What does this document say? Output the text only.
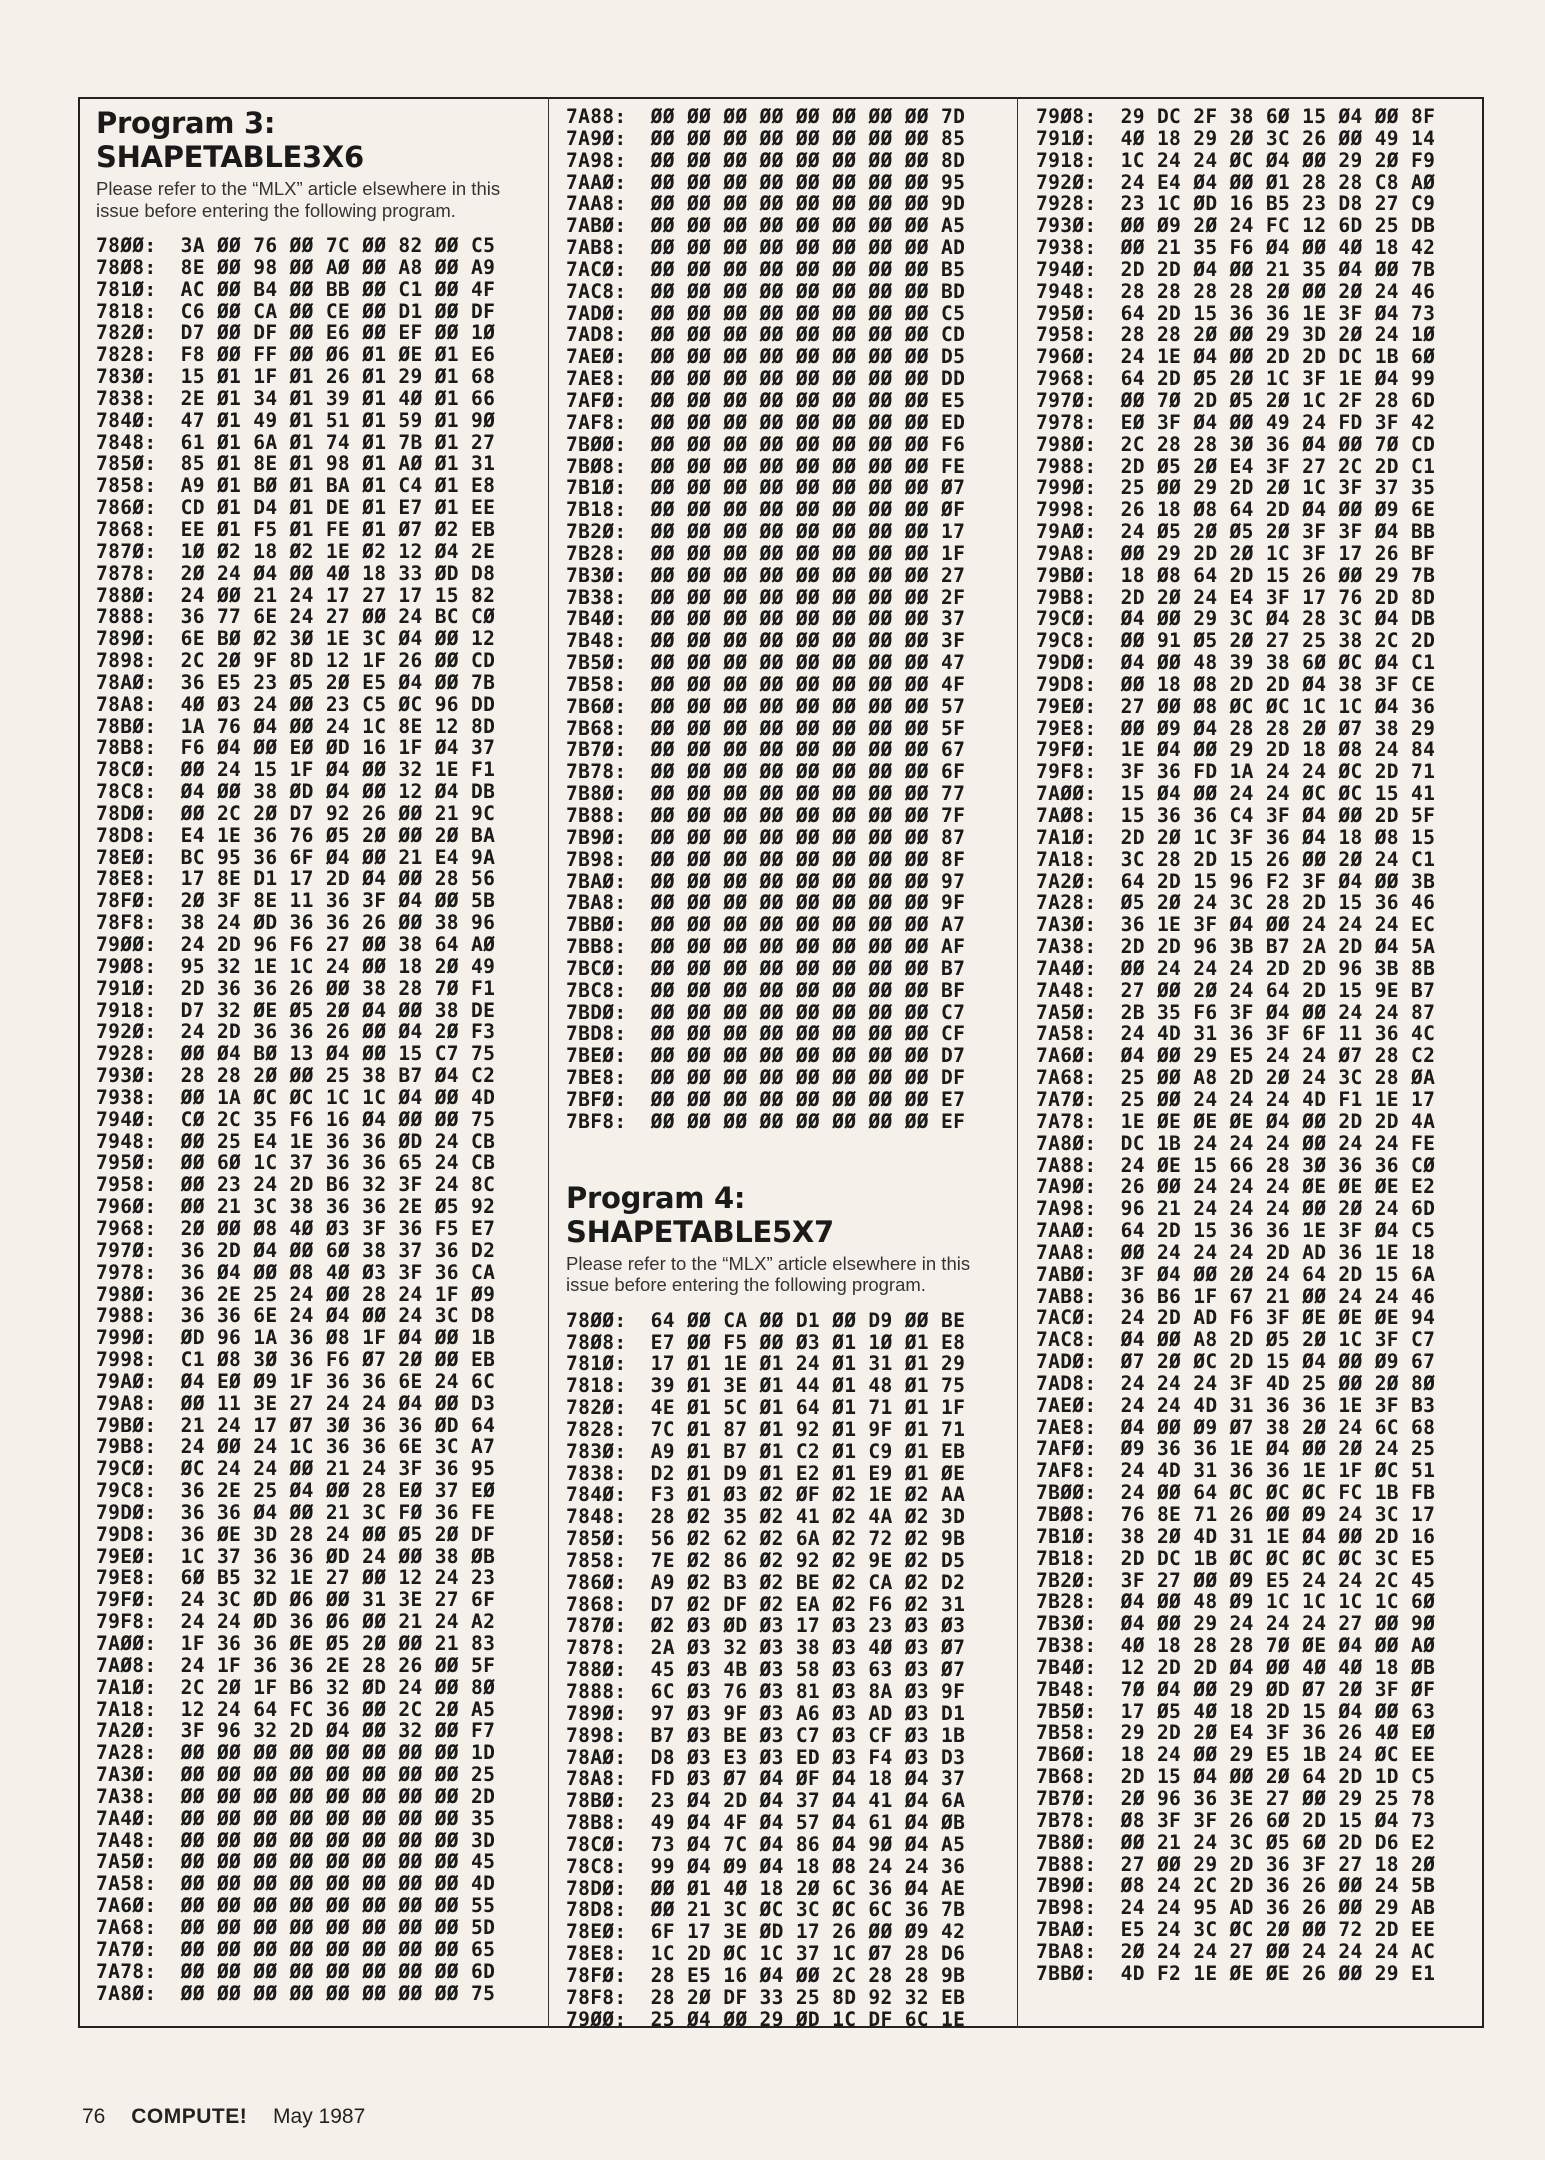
Program 3: SHAPETABLE3X6
Please refer to the “MLX” article elsewhere in this issue before entering the following program.
78ØØ:  3A ØØ 76 ØØ 7C ØØ 82 ØØ C5
78Ø8:  8E ØØ 98 ØØ AØ ØØ A8 ØØ A9
781Ø:  AC ØØ B4 ØØ BB ØØ C1 ØØ 4F
7818:  C6 ØØ CA ØØ CE ØØ D1 ØØ DF
782Ø:  D7 ØØ DF ØØ E6 ØØ EF ØØ 1Ø
7828:  F8 ØØ FF ØØ Ø6 Ø1 ØE Ø1 E6
783Ø:  15 Ø1 1F Ø1 26 Ø1 29 Ø1 68
7838:  2E Ø1 34 Ø1 39 Ø1 4Ø Ø1 66
784Ø:  47 Ø1 49 Ø1 51 Ø1 59 Ø1 9Ø
7848:  61 Ø1 6A Ø1 74 Ø1 7B Ø1 27
785Ø:  85 Ø1 8E Ø1 98 Ø1 AØ Ø1 31
7858:  A9 Ø1 BØ Ø1 BA Ø1 C4 Ø1 E8
786Ø:  CD Ø1 D4 Ø1 DE Ø1 E7 Ø1 EE
7868:  EE Ø1 F5 Ø1 FE Ø1 Ø7 Ø2 EB
787Ø:  1Ø Ø2 18 Ø2 1E Ø2 12 Ø4 2E
7878:  2Ø 24 Ø4 ØØ 4Ø 18 33 ØD D8
788Ø:  24 ØØ 21 24 17 27 17 15 82
7888:  36 77 6E 24 27 ØØ 24 BC CØ
789Ø:  6E BØ Ø2 3Ø 1E 3C Ø4 ØØ 12
7898:  2C 2Ø 9F 8D 12 1F 26 ØØ CD
78AØ:  36 E5 23 Ø5 2Ø E5 Ø4 ØØ 7B
78A8:  4Ø Ø3 24 ØØ 23 C5 ØC 96 DD
78BØ:  1A 76 Ø4 ØØ 24 1C 8E 12 8D
78B8:  F6 Ø4 ØØ EØ ØD 16 1F Ø4 37
78CØ:  ØØ 24 15 1F Ø4 ØØ 32 1E F1
78C8:  Ø4 ØØ 38 ØD Ø4 ØØ 12 Ø4 DB
78DØ:  ØØ 2C 2Ø D7 92 26 ØØ 21 9C
78D8:  E4 1E 36 76 Ø5 2Ø ØØ 2Ø BA
78EØ:  BC 95 36 6F Ø4 ØØ 21 E4 9A
78E8:  17 8E D1 17 2D Ø4 ØØ 28 56
78FØ:  2Ø 3F 8E 11 36 3F Ø4 ØØ 5B
78F8:  38 24 ØD 36 36 26 ØØ 38 96
79ØØ:  24 2D 96 F6 27 ØØ 38 64 AØ
79Ø8:  95 32 1E 1C 24 ØØ 18 2Ø 49
791Ø:  2D 36 36 26 ØØ 38 28 7Ø F1
7918:  D7 32 ØE Ø5 2Ø Ø4 ØØ 38 DE
792Ø:  24 2D 36 36 26 ØØ Ø4 2Ø F3
7928:  ØØ Ø4 BØ 13 Ø4 ØØ 15 C7 75
793Ø:  28 28 2Ø ØØ 25 38 B7 Ø4 C2
7938:  ØØ 1A ØC ØC 1C 1C Ø4 ØØ 4D
794Ø:  CØ 2C 35 F6 16 Ø4 ØØ ØØ 75
7948:  ØØ 25 E4 1E 36 36 ØD 24 CB
795Ø:  ØØ 6Ø 1C 37 36 36 65 24 CB
7958:  ØØ 23 24 2D B6 32 3F 24 8C
796Ø:  ØØ 21 3C 38 36 36 2E Ø5 92
7968:  2Ø ØØ Ø8 4Ø Ø3 3F 36 F5 E7
797Ø:  36 2D Ø4 ØØ 6Ø 38 37 36 D2
7978:  36 Ø4 ØØ Ø8 4Ø Ø3 3F 36 CA
798Ø:  36 2E 25 24 ØØ 28 24 1F Ø9
7988:  36 36 6E 24 Ø4 ØØ 24 3C D8
799Ø:  ØD 96 1A 36 Ø8 1F Ø4 ØØ 1B
7998:  C1 Ø8 3Ø 36 F6 Ø7 2Ø ØØ EB
79AØ:  Ø4 EØ Ø9 1F 36 36 6E 24 6C
79A8:  ØØ 11 3E 27 24 24 Ø4 ØØ D3
79BØ:  21 24 17 Ø7 3Ø 36 36 ØD 64
79B8:  24 ØØ 24 1C 36 36 6E 3C A7
79CØ:  ØC 24 24 ØØ 21 24 3F 36 95
79C8:  36 2E 25 Ø4 ØØ 28 EØ 37 EØ
79DØ:  36 36 Ø4 ØØ 21 3C FØ 36 FE
79D8:  36 ØE 3D 28 24 ØØ Ø5 2Ø DF
79EØ:  1C 37 36 36 ØD 24 ØØ 38 ØB
79E8:  6Ø B5 32 1E 27 ØØ 12 24 23
79FØ:  24 3C ØD Ø6 ØØ 31 3E 27 6F
79F8:  24 24 ØD 36 Ø6 ØØ 21 24 A2
7AØØ:  1F 36 36 ØE Ø5 2Ø ØØ 21 83
7AØ8:  24 1F 36 36 2E 28 26 ØØ 5F
7A1Ø:  2C 2Ø 1F B6 32 ØD 24 ØØ 8Ø
7A18:  12 24 64 FC 36 ØØ 2C 2Ø A5
7A2Ø:  3F 96 32 2D Ø4 ØØ 32 ØØ F7
7A28:  ØØ ØØ ØØ ØØ ØØ ØØ ØØ ØØ 1D
7A3Ø:  ØØ ØØ ØØ ØØ ØØ ØØ ØØ ØØ 25
7A38:  ØØ ØØ ØØ ØØ ØØ ØØ ØØ ØØ 2D
7A4Ø:  ØØ ØØ ØØ ØØ ØØ ØØ ØØ ØØ 35
7A48:  ØØ ØØ ØØ ØØ ØØ ØØ ØØ ØØ 3D
7A5Ø:  ØØ ØØ ØØ ØØ ØØ ØØ ØØ ØØ 45
7A58:  ØØ ØØ ØØ ØØ ØØ ØØ ØØ ØØ 4D
7A6Ø:  ØØ ØØ ØØ ØØ ØØ ØØ ØØ ØØ 55
7A68:  ØØ ØØ ØØ ØØ ØØ ØØ ØØ ØØ 5D
7A7Ø:  ØØ ØØ ØØ ØØ ØØ ØØ ØØ ØØ 65
7A78:  ØØ ØØ ØØ ØØ ØØ ØØ ØØ ØØ 6D
7A8Ø:  ØØ ØØ ØØ ØØ ØØ ØØ ØØ ØØ 75
7A88:  ØØ ØØ ØØ ØØ ØØ ØØ ØØ ØØ 7D
7A9Ø:  ØØ ØØ ØØ ØØ ØØ ØØ ØØ ØØ 85
7A98:  ØØ ØØ ØØ ØØ ØØ ØØ ØØ ØØ 8D
7AAØ:  ØØ ØØ ØØ ØØ ØØ ØØ ØØ ØØ 95
7AA8:  ØØ ØØ ØØ ØØ ØØ ØØ ØØ ØØ 9D
7ABØ:  ØØ ØØ ØØ ØØ ØØ ØØ ØØ ØØ A5
7AB8:  ØØ ØØ ØØ ØØ ØØ ØØ ØØ ØØ AD
7ACØ:  ØØ ØØ ØØ ØØ ØØ ØØ ØØ ØØ B5
7AC8:  ØØ ØØ ØØ ØØ ØØ ØØ ØØ ØØ BD
7ADØ:  ØØ ØØ ØØ ØØ ØØ ØØ ØØ ØØ C5
7AD8:  ØØ ØØ ØØ ØØ ØØ ØØ ØØ ØØ CD
7AEØ:  ØØ ØØ ØØ ØØ ØØ ØØ ØØ ØØ D5
7AE8:  ØØ ØØ ØØ ØØ ØØ ØØ ØØ ØØ DD
7AFØ:  ØØ ØØ ØØ ØØ ØØ ØØ ØØ ØØ E5
7AF8:  ØØ ØØ ØØ ØØ ØØ ØØ ØØ ØØ ED
7BØØ:  ØØ ØØ ØØ ØØ ØØ ØØ ØØ ØØ F6
7BØ8:  ØØ ØØ ØØ ØØ ØØ ØØ ØØ ØØ FE
7B1Ø:  ØØ ØØ ØØ ØØ ØØ ØØ ØØ ØØ Ø7
7B18:  ØØ ØØ ØØ ØØ ØØ ØØ ØØ ØØ ØF
7B2Ø:  ØØ ØØ ØØ ØØ ØØ ØØ ØØ ØØ 17
7B28:  ØØ ØØ ØØ ØØ ØØ ØØ ØØ ØØ 1F
7B3Ø:  ØØ ØØ ØØ ØØ ØØ ØØ ØØ ØØ 27
7B38:  ØØ ØØ ØØ ØØ ØØ ØØ ØØ ØØ 2F
7B4Ø:  ØØ ØØ ØØ ØØ ØØ ØØ ØØ ØØ 37
7B48:  ØØ ØØ ØØ ØØ ØØ ØØ ØØ ØØ 3F
7B5Ø:  ØØ ØØ ØØ ØØ ØØ ØØ ØØ ØØ 47
7B58:  ØØ ØØ ØØ ØØ ØØ ØØ ØØ ØØ 4F
7B6Ø:  ØØ ØØ ØØ ØØ ØØ ØØ ØØ ØØ 57
7B68:  ØØ ØØ ØØ ØØ ØØ ØØ ØØ ØØ 5F
7B7Ø:  ØØ ØØ ØØ ØØ ØØ ØØ ØØ ØØ 67
7B78:  ØØ ØØ ØØ ØØ ØØ ØØ ØØ ØØ 6F
7B8Ø:  ØØ ØØ ØØ ØØ ØØ ØØ ØØ ØØ 77
7B88:  ØØ ØØ ØØ ØØ ØØ ØØ ØØ ØØ 7F
7B9Ø:  ØØ ØØ ØØ ØØ ØØ ØØ ØØ ØØ 87
7B98:  ØØ ØØ ØØ ØØ ØØ ØØ ØØ ØØ 8F
7BAØ:  ØØ ØØ ØØ ØØ ØØ ØØ ØØ ØØ 97
7BA8:  ØØ ØØ ØØ ØØ ØØ ØØ ØØ ØØ 9F
7BBØ:  ØØ ØØ ØØ ØØ ØØ ØØ ØØ ØØ A7
7BB8:  ØØ ØØ ØØ ØØ ØØ ØØ ØØ ØØ AF
7BCØ:  ØØ ØØ ØØ ØØ ØØ ØØ ØØ ØØ B7
7BC8:  ØØ ØØ ØØ ØØ ØØ ØØ ØØ ØØ BF
7BDØ:  ØØ ØØ ØØ ØØ ØØ ØØ ØØ ØØ C7
7BD8:  ØØ ØØ ØØ ØØ ØØ ØØ ØØ ØØ CF
7BEØ:  ØØ ØØ ØØ ØØ ØØ ØØ ØØ ØØ D7
7BE8:  ØØ ØØ ØØ ØØ ØØ ØØ ØØ ØØ DF
7BFØ:  ØØ ØØ ØØ ØØ ØØ ØØ ØØ ØØ E7
7BF8:  ØØ ØØ ØØ ØØ ØØ ØØ ØØ ØØ EF
Program 4: SHAPETABLE5X7
Please refer to the “MLX” article elsewhere in this issue before entering the following program.
78ØØ:  64 ØØ CA ØØ D1 ØØ D9 ØØ BE
78Ø8:  E7 ØØ F5 ØØ Ø3 Ø1 1Ø Ø1 E8
781Ø:  17 Ø1 1E Ø1 24 Ø1 31 Ø1 29
7818:  39 Ø1 3E Ø1 44 Ø1 48 Ø1 75
782Ø:  4E Ø1 5C Ø1 64 Ø1 71 Ø1 1F
7828:  7C Ø1 87 Ø1 92 Ø1 9F Ø1 71
783Ø:  A9 Ø1 B7 Ø1 C2 Ø1 C9 Ø1 EB
7838:  D2 Ø1 D9 Ø1 E2 Ø1 E9 Ø1 ØE
784Ø:  F3 Ø1 Ø3 Ø2 ØF Ø2 1E Ø2 AA
7848:  28 Ø2 35 Ø2 41 Ø2 4A Ø2 3D
785Ø:  56 Ø2 62 Ø2 6A Ø2 72 Ø2 9B
7858:  7E Ø2 86 Ø2 92 Ø2 9E Ø2 D5
786Ø:  A9 Ø2 B3 Ø2 BE Ø2 CA Ø2 D2
7868:  D7 Ø2 DF Ø2 EA Ø2 F6 Ø2 31
787Ø:  Ø2 Ø3 ØD Ø3 17 Ø3 23 Ø3 Ø3
7878:  2A Ø3 32 Ø3 38 Ø3 4Ø Ø3 Ø7
788Ø:  45 Ø3 4B Ø3 58 Ø3 63 Ø3 Ø7
7888:  6C Ø3 76 Ø3 81 Ø3 8A Ø3 9F
789Ø:  97 Ø3 9F Ø3 A6 Ø3 AD Ø3 D1
7898:  B7 Ø3 BE Ø3 C7 Ø3 CF Ø3 1B
78AØ:  D8 Ø3 E3 Ø3 ED Ø3 F4 Ø3 D3
78A8:  FD Ø3 Ø7 Ø4 ØF Ø4 18 Ø4 37
78BØ:  23 Ø4 2D Ø4 37 Ø4 41 Ø4 6A
78B8:  49 Ø4 4F Ø4 57 Ø4 61 Ø4 ØB
78CØ:  73 Ø4 7C Ø4 86 Ø4 9Ø Ø4 A5
78C8:  99 Ø4 Ø9 Ø4 18 Ø8 24 24 36
78DØ:  ØØ Ø1 4Ø 18 2Ø 6C 36 Ø4 AE
78D8:  ØØ 21 3C ØC 3C ØC 6C 36 7B
78EØ:  6F 17 3E ØD 17 26 ØØ Ø9 42
78E8:  1C 2D ØC 1C 37 1C Ø7 28 D6
78FØ:  28 E5 16 Ø4 ØØ 2C 28 28 9B
78F8:  28 2Ø DF 33 25 8D 92 32 EB
79ØØ:  25 Ø4 ØØ 29 ØD 1C DF 6C 1E
79Ø8:  29 DC 2F 38 6Ø 15 Ø4 ØØ 8F
791Ø:  4Ø 18 29 2Ø 3C 26 ØØ 49 14
7918:  1C 24 24 ØC Ø4 ØØ 29 2Ø F9
792Ø:  24 E4 Ø4 ØØ Ø1 28 28 C8 AØ
7928:  23 1C ØD 16 B5 23 D8 27 C9
793Ø:  ØØ Ø9 2Ø 24 FC 12 6D 25 DB
7938:  ØØ 21 35 F6 Ø4 ØØ 4Ø 18 42
794Ø:  2D 2D Ø4 ØØ 21 35 Ø4 ØØ 7B
7948:  28 28 28 28 2Ø ØØ 2Ø 24 46
795Ø:  64 2D 15 36 36 1E 3F Ø4 73
7958:  28 28 2Ø ØØ 29 3D 2Ø 24 1Ø
796Ø:  24 1E Ø4 ØØ 2D 2D DC 1B 6Ø
7968:  64 2D Ø5 2Ø 1C 3F 1E Ø4 99
797Ø:  ØØ 7Ø 2D Ø5 2Ø 1C 2F 28 6D
7978:  EØ 3F Ø4 ØØ 49 24 FD 3F 42
798Ø:  2C 28 28 3Ø 36 Ø4 ØØ 7Ø CD
7988:  2D Ø5 2Ø E4 3F 27 2C 2D C1
799Ø:  25 ØØ 29 2D 2Ø 1C 3F 37 35
7998:  26 18 Ø8 64 2D Ø4 ØØ Ø9 6E
79AØ:  24 Ø5 2Ø Ø5 2Ø 3F 3F Ø4 BB
79A8:  ØØ 29 2D 2Ø 1C 3F 17 26 BF
79BØ:  18 Ø8 64 2D 15 26 ØØ 29 7B
79B8:  2D 2Ø 24 E4 3F 17 76 2D 8D
79CØ:  Ø4 ØØ 29 3C Ø4 28 3C Ø4 DB
79C8:  ØØ 91 Ø5 2Ø 27 25 38 2C 2D
79DØ:  Ø4 ØØ 48 39 38 6Ø ØC Ø4 C1
79D8:  ØØ 18 Ø8 2D 2D Ø4 38 3F CE
79EØ:  27 ØØ Ø8 ØC ØC 1C 1C Ø4 36
79E8:  ØØ Ø9 Ø4 28 28 2Ø Ø7 38 29
79FØ:  1E Ø4 ØØ 29 2D 18 Ø8 24 84
79F8:  3F 36 FD 1A 24 24 ØC 2D 71
7AØØ:  15 Ø4 ØØ 24 24 ØC ØC 15 41
7AØ8:  15 36 36 C4 3F Ø4 ØØ 2D 5F
7A1Ø:  2D 2Ø 1C 3F 36 Ø4 18 Ø8 15
7A18:  3C 28 2D 15 26 ØØ 2Ø 24 C1
7A2Ø:  64 2D 15 96 F2 3F Ø4 ØØ 3B
7A28:  Ø5 2Ø 24 3C 28 2D 15 36 46
7A3Ø:  36 1E 3F Ø4 ØØ 24 24 24 EC
7A38:  2D 2D 96 3B B7 2A 2D Ø4 5A
7A4Ø:  ØØ 24 24 24 2D 2D 96 3B 8B
7A48:  27 ØØ 2Ø 24 64 2D 15 9E B7
7A5Ø:  2B 35 F6 3F Ø4 ØØ 24 24 87
7A58:  24 4D 31 36 3F 6F 11 36 4C
7A6Ø:  Ø4 ØØ 29 E5 24 24 Ø7 28 C2
7A68:  25 ØØ A8 2D 2Ø 24 3C 28 ØA
7A7Ø:  25 ØØ 24 24 24 4D F1 1E 17
7A78:  1E ØE ØE ØE Ø4 ØØ 2D 2D 4A
7A8Ø:  DC 1B 24 24 24 ØØ 24 24 FE
7A88:  24 ØE 15 66 28 3Ø 36 36 CØ
7A9Ø:  26 ØØ 24 24 24 ØE ØE ØE E2
7A98:  96 21 24 24 24 ØØ 2Ø 24 6D
7AAØ:  64 2D 15 36 36 1E 3F Ø4 C5
7AA8:  ØØ 24 24 24 2D AD 36 1E 18
7ABØ:  3F Ø4 ØØ 2Ø 24 64 2D 15 6A
7AB8:  36 B6 1F 67 21 ØØ 24 24 46
7ACØ:  24 2D AD F6 3F ØE ØE ØE 94
7AC8:  Ø4 ØØ A8 2D Ø5 2Ø 1C 3F C7
7ADØ:  Ø7 2Ø ØC 2D 15 Ø4 ØØ Ø9 67
7AD8:  24 24 24 3F 4D 25 ØØ 2Ø 8Ø
7AEØ:  24 24 4D 31 36 36 1E 3F B3
7AE8:  Ø4 ØØ Ø9 Ø7 38 2Ø 24 6C 68
7AFØ:  Ø9 36 36 1E Ø4 ØØ 2Ø 24 25
7AF8:  24 4D 31 36 36 1E 1F ØC 51
7BØØ:  24 ØØ 64 ØC ØC ØC FC 1B FB
7BØ8:  76 8E 71 26 ØØ Ø9 24 3C 17
7B1Ø:  38 2Ø 4D 31 1E Ø4 ØØ 2D 16
7B18:  2D DC 1B ØC ØC ØC ØC 3C E5
7B2Ø:  3F 27 ØØ Ø9 E5 24 24 2C 45
7B28:  Ø4 ØØ 48 Ø9 1C 1C 1C 1C 6Ø
7B3Ø:  Ø4 ØØ 29 24 24 24 27 ØØ 9Ø
7B38:  4Ø 18 28 28 7Ø ØE Ø4 ØØ AØ
7B4Ø:  12 2D 2D Ø4 ØØ 4Ø 4Ø 18 ØB
7B48:  7Ø Ø4 ØØ 29 ØD Ø7 2Ø 3F ØF
7B5Ø:  17 Ø5 4Ø 18 2D 15 Ø4 ØØ 63
7B58:  29 2D 2Ø E4 3F 36 26 4Ø EØ
7B6Ø:  18 24 ØØ 29 E5 1B 24 ØC EE
7B68:  2D 15 Ø4 ØØ 2Ø 64 2D 1D C5
7B7Ø:  2Ø 96 36 3E 27 ØØ 29 25 78
7B78:  Ø8 3F 3F 26 6Ø 2D 15 Ø4 73
7B8Ø:  ØØ 21 24 3C Ø5 6Ø 2D D6 E2
7B88:  27 ØØ 29 2D 36 3F 27 18 2Ø
7B9Ø:  Ø8 24 2C 2D 36 26 ØØ 24 5B
7B98:  24 24 95 AD 36 26 ØØ 29 AB
7BAØ:  E5 24 3C ØC 2Ø ØØ 72 2D EE
7BA8:  2Ø 24 24 27 ØØ 24 24 24 AC
7BBØ:  4D F2 1E ØE ØE 26 ØØ 29 E1
76 COMPUTE! May 1987
